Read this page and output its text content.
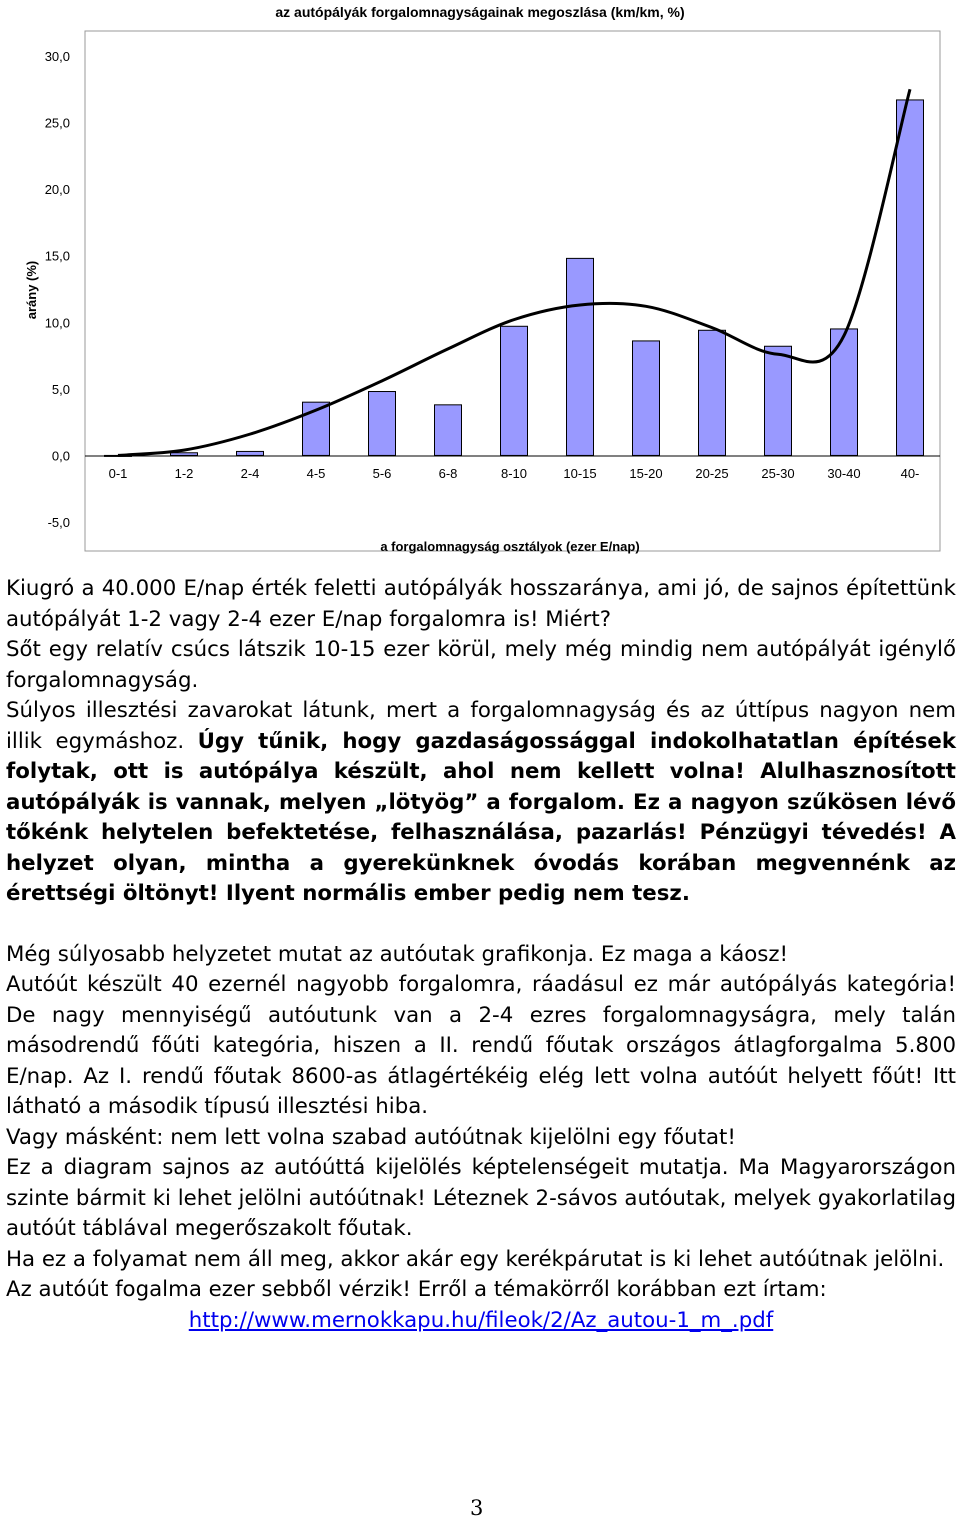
az autópályák forgalomnagyságainak megoszlása (km/km, %)
30,0
25,0
20,0
15,0
10,0
5,0
0,0
-5,0
0-1	1-2	2-4	4-5	5-6	6-8	8-10	10-15	15-20	20-25	25-30	30-40	40-
arány (%)
a forgalomnagyság osztályok (ezer E/nap)

Kiugró a 40.000 E/nap érték feletti autópályák hosszaránya, ami jó, de sajnos építettünk autópályát 1-2 vagy 2-4 ezer E/nap forgalomra is! Miért?

Sőt egy relatív csúcs látszik 10-15 ezer körül, mely még mindig nem autópályát igénylő forgalomnagyság.

Súlyos illesztési zavarokat látunk, mert a forgalomnagyság és az úttípus nagyon nem illik egymáshoz. Úgy tűnik, hogy gazdaságossággal indokolhatatlan építések folytak, ott is autópálya készült, ahol nem kellett volna! Alulhasznosított autópályák is vannak, melyen „lötyög” a forgalom. Ez a nagyon szűkösen lévő tőkénk helytelen befektetése, felhasználása, pazarlás! Pénzügyi tévedés! A helyzet olyan, mintha a gyerekünknek óvodás korában megvennénk az érettségi öltönyt! Ilyent normális ember pedig nem tesz.

Még súlyosabb helyzetet mutat az autóutak grafikonja. Ez maga a káosz!

Autóút készült 40 ezernél nagyobb forgalomra, ráadásul ez már autópályás kategória! De nagy mennyiségű autóutunk van a 2-4 ezres forgalomnagyságra, mely talán másodrendű főúti kategória, hiszen a II. rendű főutak országos átlagforgalma 5.800 E/nap. Az I. rendű főutak 8600-as átlagértékéig elég lett volna autóút helyett főút! Itt látható a második típusú illesztési hiba.

Vagy másként: nem lett volna szabad autóútnak kijelölni egy főutat!

Ez a diagram sajnos az autóúttá kijelölés képtelenségeit mutatja. Ma Magyarországon szinte bármit ki lehet jelölni autóútnak! Léteznek 2-sávos autóutak, melyek gyakorlatilag autóút táblával megerőszakolt főutak.

Ha ez a folyamat nem áll meg, akkor akár egy kerékpárutat is ki lehet autóútnak jelölni.

Az autóút fogalma ezer sebből vérzik! Erről a témakörről korábban ezt írtam:

http://www.mernokkapu.hu/fileok/2/Az_autou-1_m_.pdf

3
